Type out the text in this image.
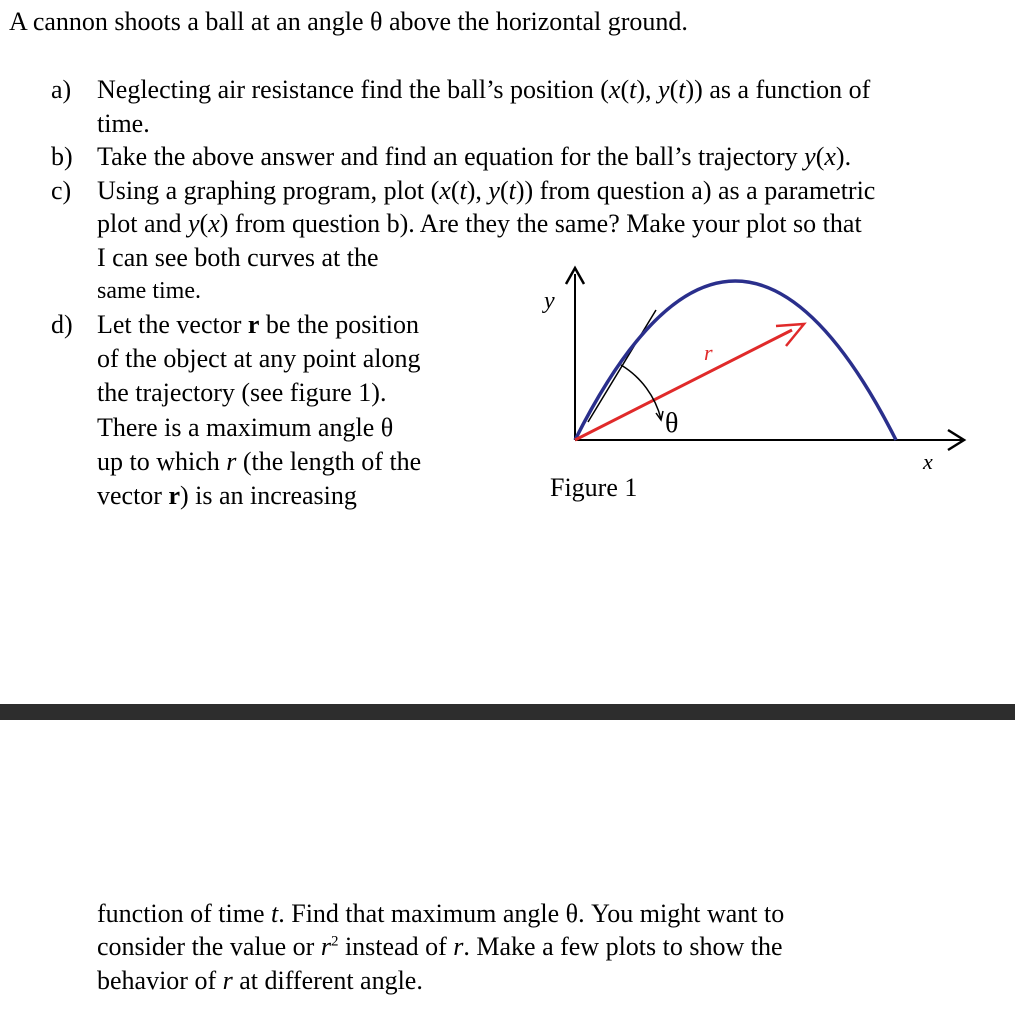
A cannon shoots a ball at an angle θ above the horizontal ground.
a) Neglecting air resistance find the ball’s position (x(t), y(t)) as a function of
time.
b) Take the above answer and find an equation for the ball’s trajectory y(x).
c) Using a graphing program, plot (x(t), y(t)) from question a) as a parametric
plot and y(x) from question b). Are they the same? Make your plot so that
I can see both curves at the
same time.
d) Let the vector r be the position
of the object at any point along
the trajectory (see figure 1).
There is a maximum angle θ
up to which r (the length of the
vector r) is an increasing
y
x
θ
r⃗
Figure 1
function of time t. Find that maximum angle θ. You might want to
consider the value or $r^2$ instead of r. Make a few plots to show the
behavior of r at different angle.
